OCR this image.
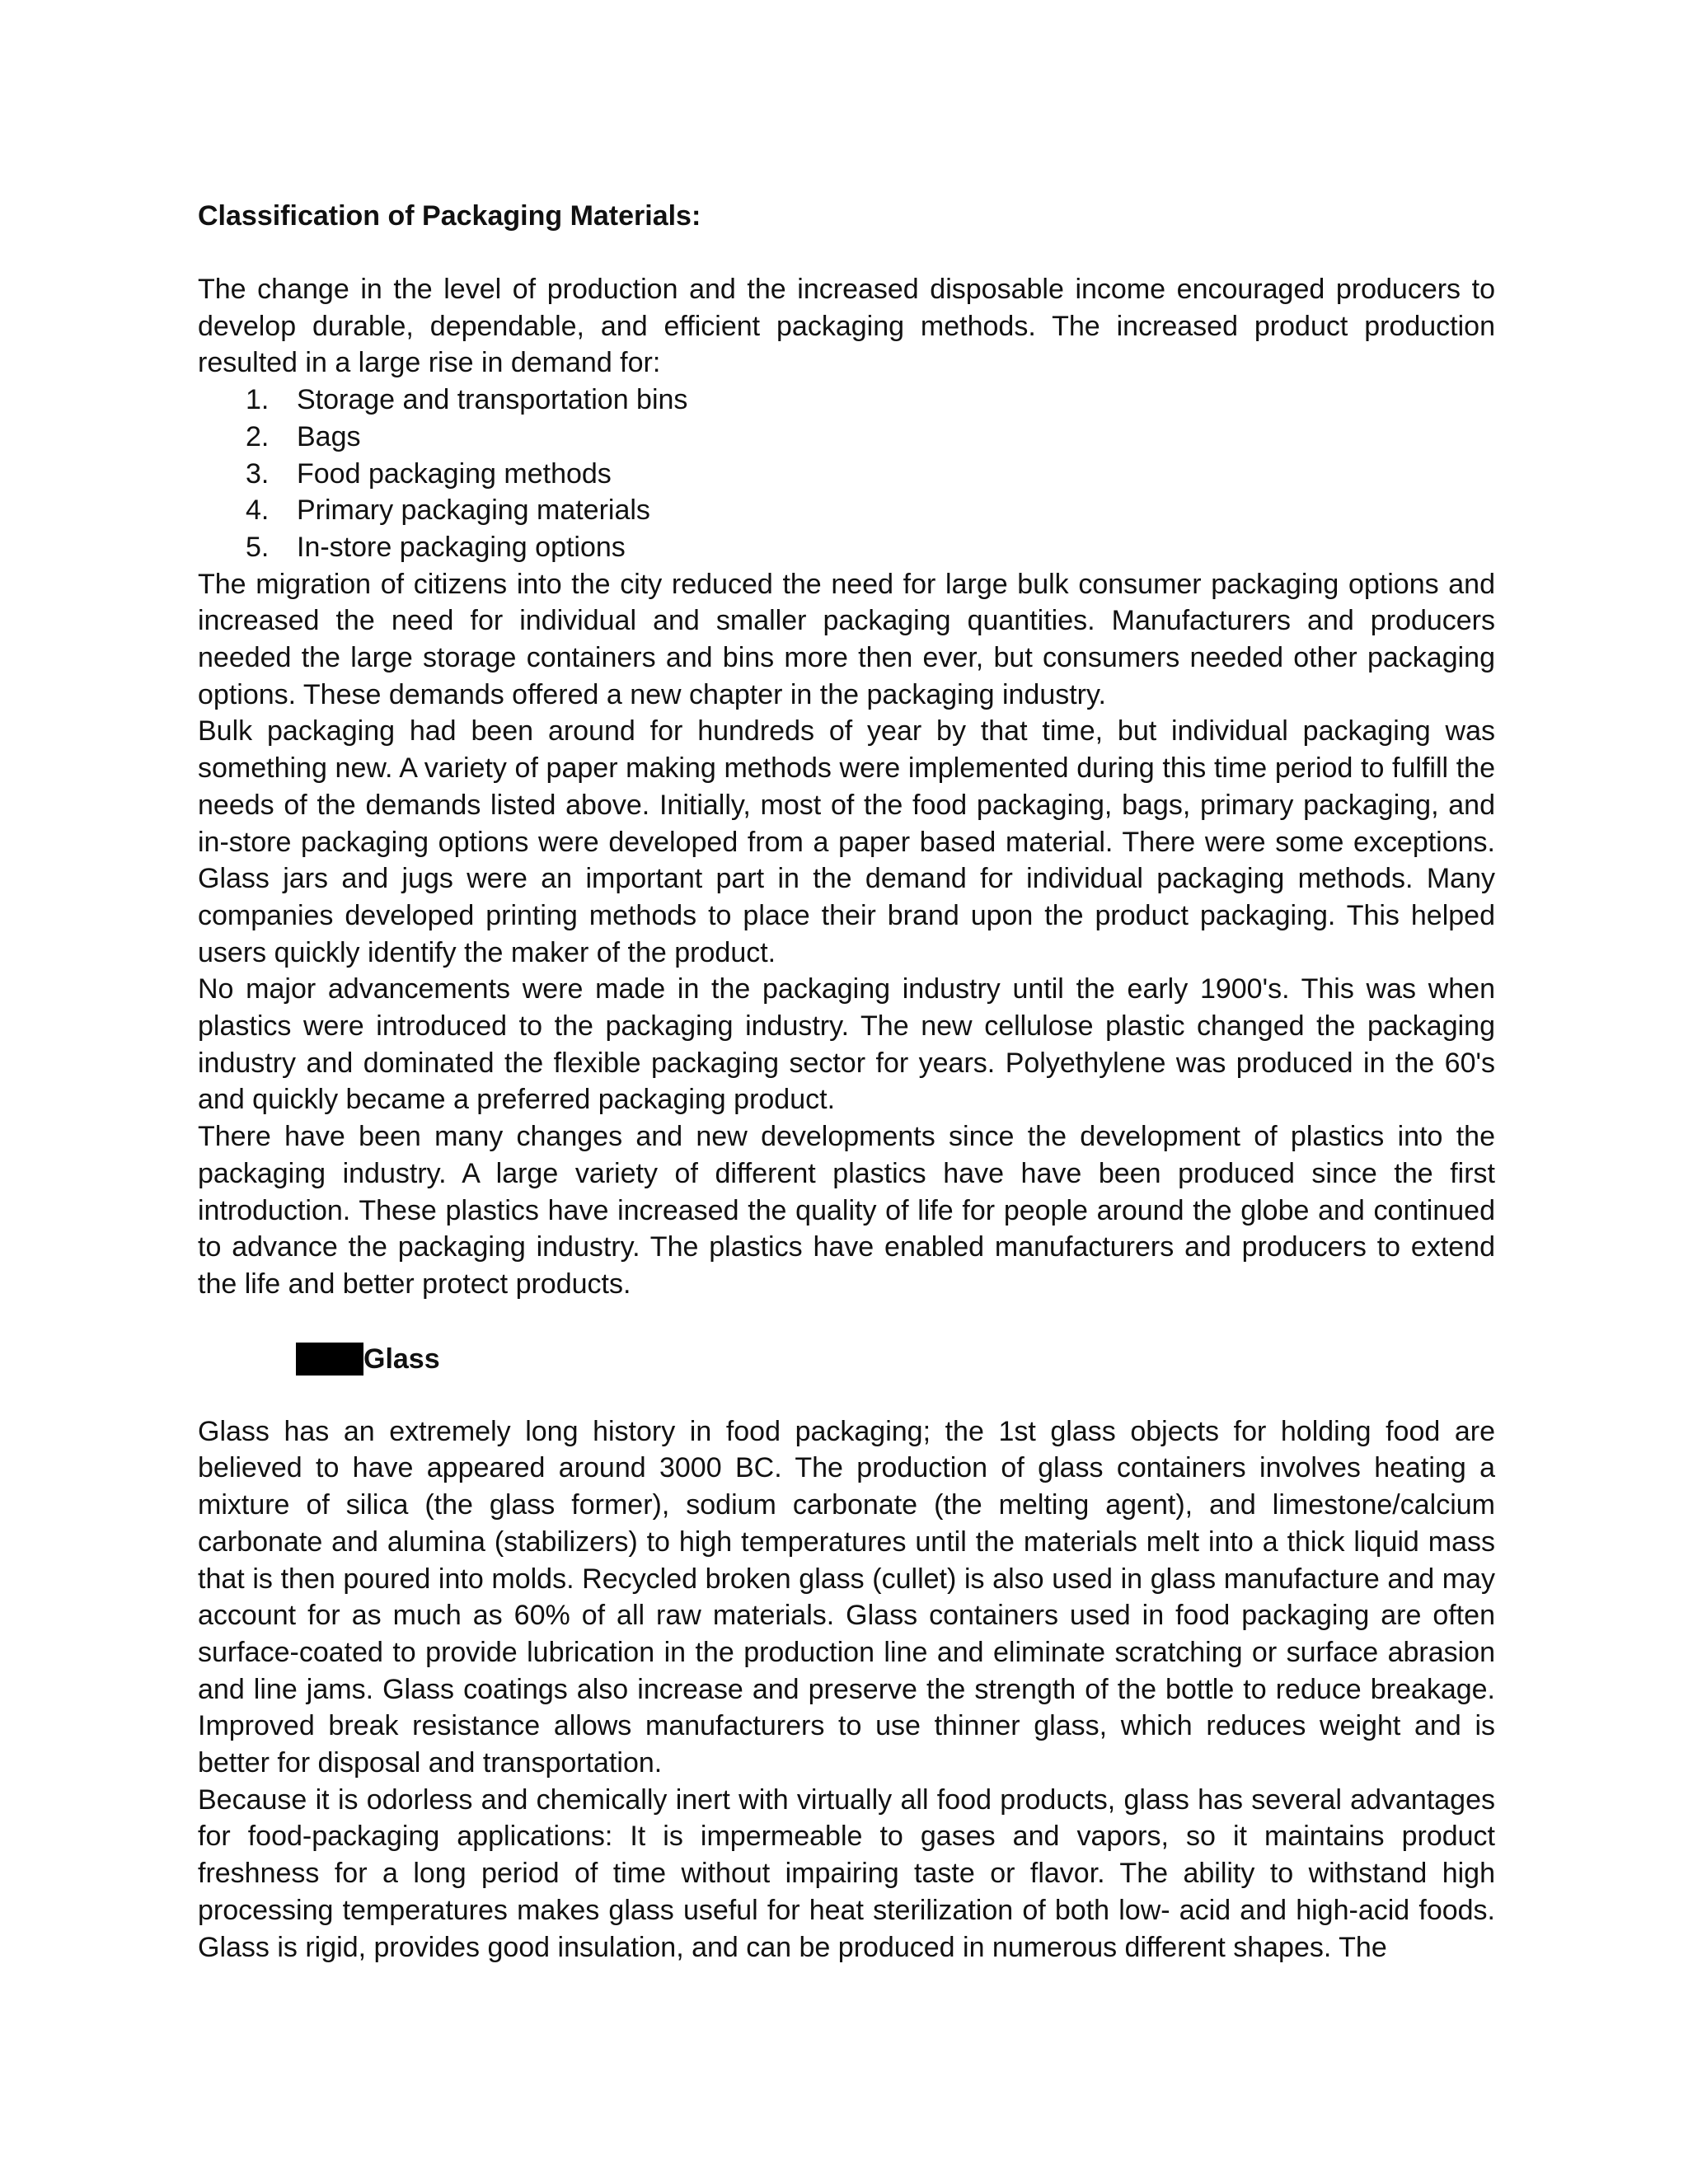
Classification of Packaging Materials:

The change in the level of production and the increased disposable income encouraged producers to develop durable, dependable, and efficient packaging methods. The increased product production resulted in a large rise in demand for:

1. Storage and transportation bins
2. Bags
3. Food packaging methods
4. Primary packaging materials
5. In-store packaging options

The migration of citizens into the city reduced the need for large bulk consumer packaging options and increased the need for individual and smaller packaging quantities. Manufacturers and producers needed the large storage containers and bins more then ever, but consumers needed other packaging options. These demands offered a new chapter in the packaging industry.

Bulk packaging had been around for hundreds of year by that time, but individual packaging was something new. A variety of paper making methods were implemented during this time period to fulfill the needs of the demands listed above. Initially, most of the food packaging, bags, primary packaging, and in-store packaging options were developed from a paper based material. There were some exceptions. Glass jars and jugs were an important part in the demand for individual packaging methods. Many companies developed printing methods to place their brand upon the product packaging. This helped users quickly identify the maker of the product.

No major advancements were made in the packaging industry until the early 1900's. This was when plastics were introduced to the packaging industry. The new cellulose plastic changed the packaging industry and dominated the flexible packaging sector for years. Polyethylene was produced in the 60's and quickly became a preferred packaging product.

There have been many changes and new developments since the development of plastics into the packaging industry. A large variety of different plastics have have been produced since the first introduction. These plastics have increased the quality of life for people around the globe and continued to advance the packaging industry. The plastics have enabled manufacturers and producers to extend the life and better protect products.

Glass

Glass has an extremely long history in food packaging; the 1st glass objects for holding food are believed to have appeared around 3000 BC. The production of glass containers involves heating a mixture of silica (the glass former), sodium carbonate (the melting agent), and limestone/calcium carbonate and alumina (stabilizers) to high temperatures until the materials melt into a thick liquid mass that is then poured into molds. Recycled broken glass (cullet) is also used in glass manufacture and may account for as much as 60% of all raw materials. Glass containers used in food packaging are often surface-coated to provide lubrication in the production line and eliminate scratching or surface abrasion and line jams. Glass coatings also increase and preserve the strength of the bottle to reduce breakage. Improved break resistance allows manufacturers to use thinner glass, which reduces weight and is better for disposal and transportation.

Because it is odorless and chemically inert with virtually all food products, glass has several advantages for food-packaging applications: It is impermeable to gases and vapors, so it maintains product freshness for a long period of time without impairing taste or flavor. The ability to withstand high processing temperatures makes glass useful for heat sterilization of both low- acid and high-acid foods. Glass is rigid, provides good insulation, and can be produced in numerous different shapes. The
